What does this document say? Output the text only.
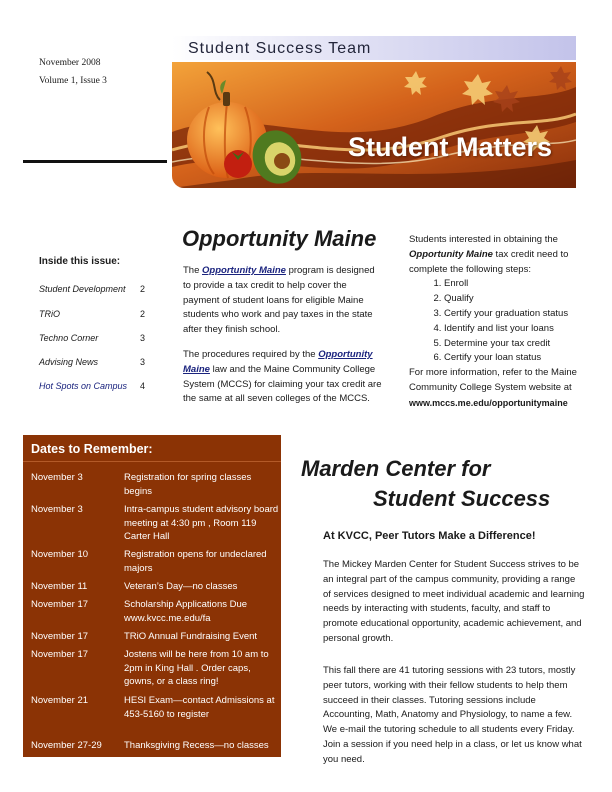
November 2008
Volume 1, Issue 3
Student Success Team
Student Matters
Inside this issue:
Student Development 2
TRiO	2
Techno Corner	3
Advising News	3
Hot Spots on Campus 4
Opportunity Maine
The Opportunity Maine program is designed to provide a tax credit to help cover the payment of student loans for eligible Maine students who work and pay taxes in the state after they finish school.
The procedures required by the Opportunity Maine law and the Maine Community College System (MCCS) for claiming your tax credit are the same at all seven colleges of the MCCS.
Students interested in obtaining the Opportunity Maine tax credit need to complete the following steps:
1. Enroll
2. Qualify
3. Certify your graduation status
4. Identify and list your loans
5. Determine your tax credit
6. Certify your loan status
For more information, refer to the Maine Community College System website at
www.mccs.me.edu/opportunitymaine
Dates to Remember:
November 3	Registration for spring classes begins
November 3	Intra-campus student advisory board meeting at 4:30 pm , Room 119 Carter Hall
November 10	Registration opens for undeclared majors
November 11	Veteran’s Day—no classes
November 17	Scholarship Applications Due www.kvcc.me.edu/fa
November 17	TRiO Annual Fundraising Event
November 17	Jostens will be here from 10 am to 2pm in King Hall . Order caps, gowns, or a class ring!
November 21	HESI Exam—contact Admissions at 453-5160 to register
November 27-29	Thanksgiving Recess—no classes
Marden Center for
Student Success
At KVCC, Peer Tutors Make a Difference!
The Mickey Marden Center for Student Success strives to be an integral part of the campus community, providing a range of services designed to meet individual academic and learning needs by interacting with students, faculty, and staff to promote educational opportunity, academic achievement, and personal growth.
This fall there are 41 tutoring sessions with 23 tutors, mostly peer tutors, working with their fellow students to help them succeed in their classes. Tutoring sessions include Accounting, Math, Anatomy and Physiology, to name a few. We e-mail the tutoring schedule to all students every Friday. Join a session if you need help in a class, or let us know what you need.
